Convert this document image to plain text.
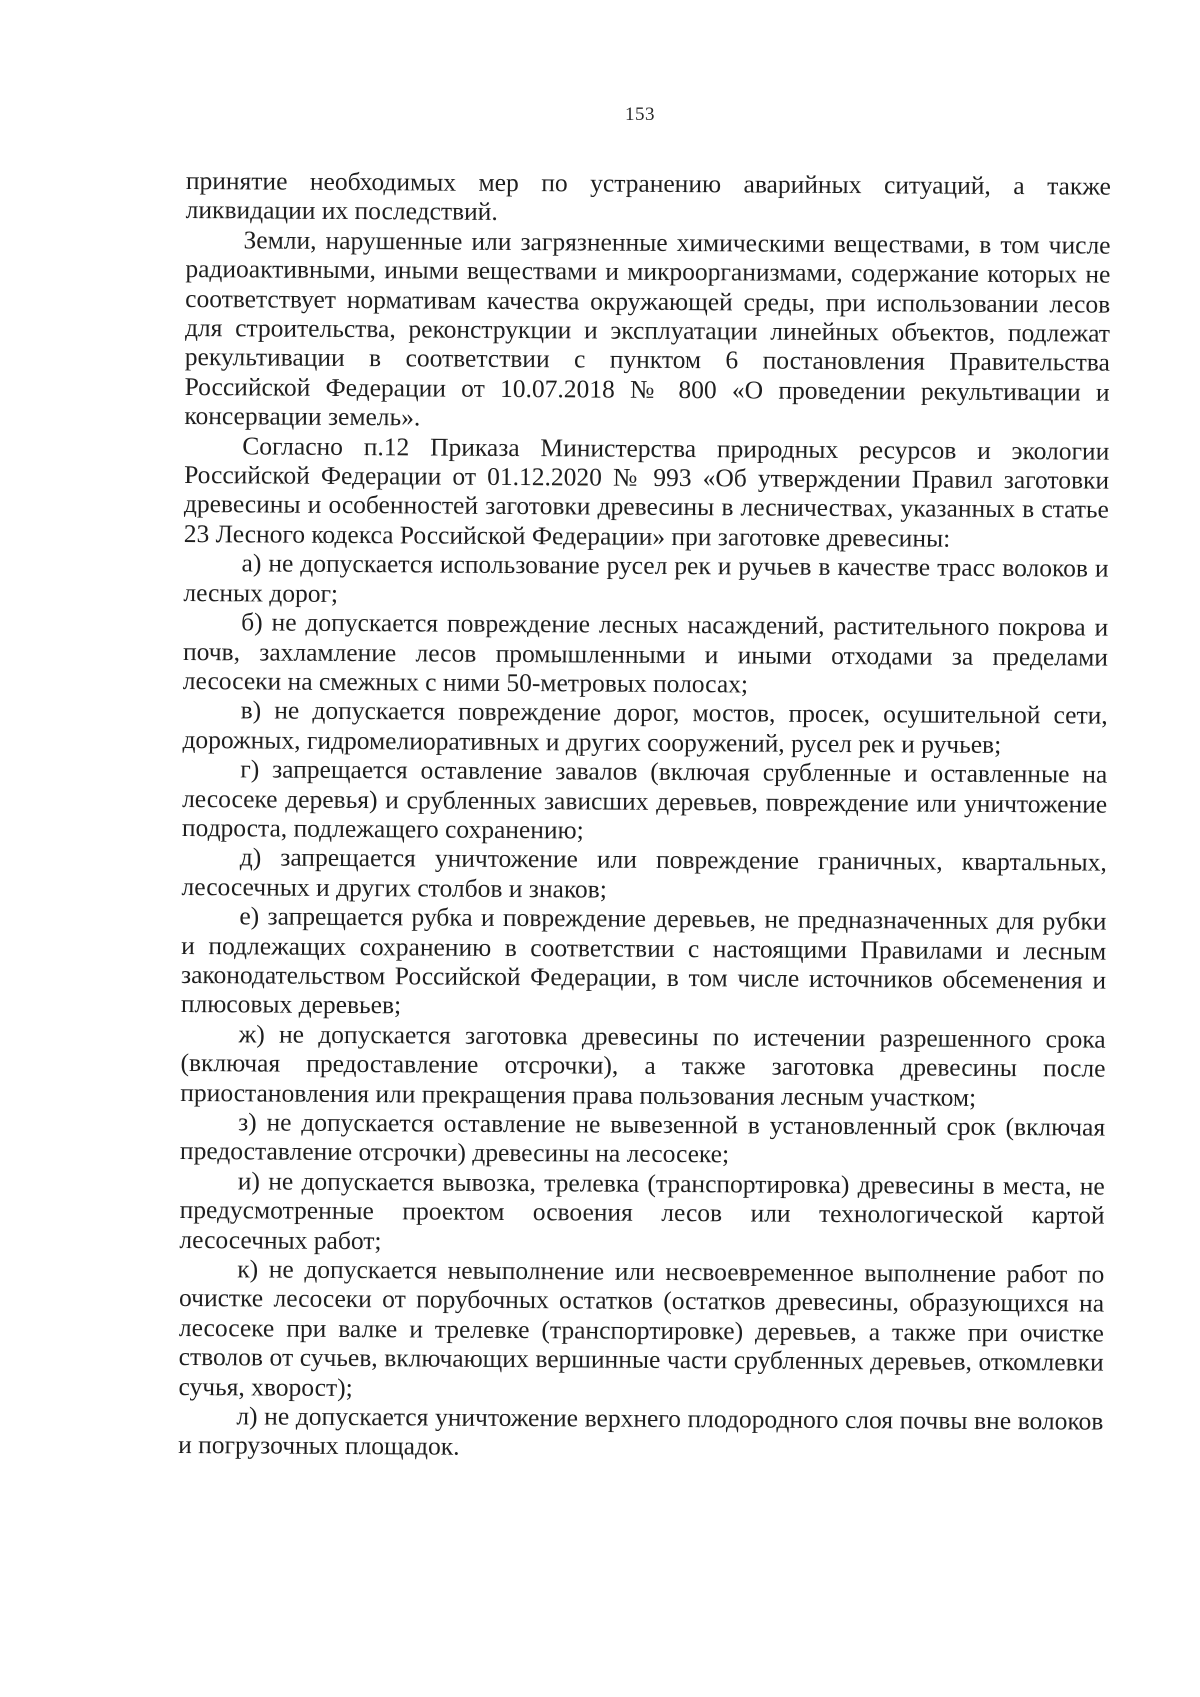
153

принятие необходимых мер по устранению аварийных ситуаций, а также ликвидации их последствий.

Земли, нарушенные или загрязненные химическими веществами, в том числе радиоактивными, иными веществами и микроорганизмами, содержание которых не соответствует нормативам качества окружающей среды, при использовании лесов для строительства, реконструкции и эксплуатации линейных объектов, подлежат рекультивации в соответствии с пунктом 6 постановления Правительства Российской Федерации от 10.07.2018 № 800 «О проведении рекультивации и консервации земель».

Согласно п.12 Приказа Министерства природных ресурсов и экологии Российской Федерации от 01.12.2020 № 993 «Об утверждении Правил заготовки древесины и особенностей заготовки древесины в лесничествах, указанных в статье 23 Лесного кодекса Российской Федерации» при заготовке древесины:

а) не допускается использование русел рек и ручьев в качестве трасс волоков и лесных дорог;

б) не допускается повреждение лесных насаждений, растительного покрова и почв, захламление лесов промышленными и иными отходами за пределами лесосеки на смежных с ними 50-метровых полосах;

в) не допускается повреждение дорог, мостов, просек, осушительной сети, дорожных, гидромелиоративных и других сооружений, русел рек и ручьев;

г) запрещается оставление завалов (включая срубленные и оставленные на лесосеке деревья) и срубленных зависших деревьев, повреждение или уничтожение подроста, подлежащего сохранению;

д) запрещается уничтожение или повреждение граничных, квартальных, лесосечных и других столбов и знаков;

е) запрещается рубка и повреждение деревьев, не предназначенных для рубки и подлежащих сохранению в соответствии с настоящими Правилами и лесным законодательством Российской Федерации, в том числе источников обсеменения и плюсовых деревьев;

ж) не допускается заготовка древесины по истечении разрешенного срока (включая предоставление отсрочки), а также заготовка древесины после приостановления или прекращения права пользования лесным участком;

з) не допускается оставление не вывезенной в установленный срок (включая предоставление отсрочки) древесины на лесосеке;

и) не допускается вывозка, трелевка (транспортировка) древесины в места, не предусмотренные проектом освоения лесов или технологической картой лесосечных работ;

к) не допускается невыполнение или несвоевременное выполнение работ по очистке лесосеки от порубочных остатков (остатков древесины, образующихся на лесосеке при валке и трелевке (транспортировке) деревьев, а также при очистке стволов от сучьев, включающих вершинные части срубленных деревьев, откомлевки сучья, хворост);

л) не допускается уничтожение верхнего плодородного слоя почвы вне волоков и погрузочных площадок.
